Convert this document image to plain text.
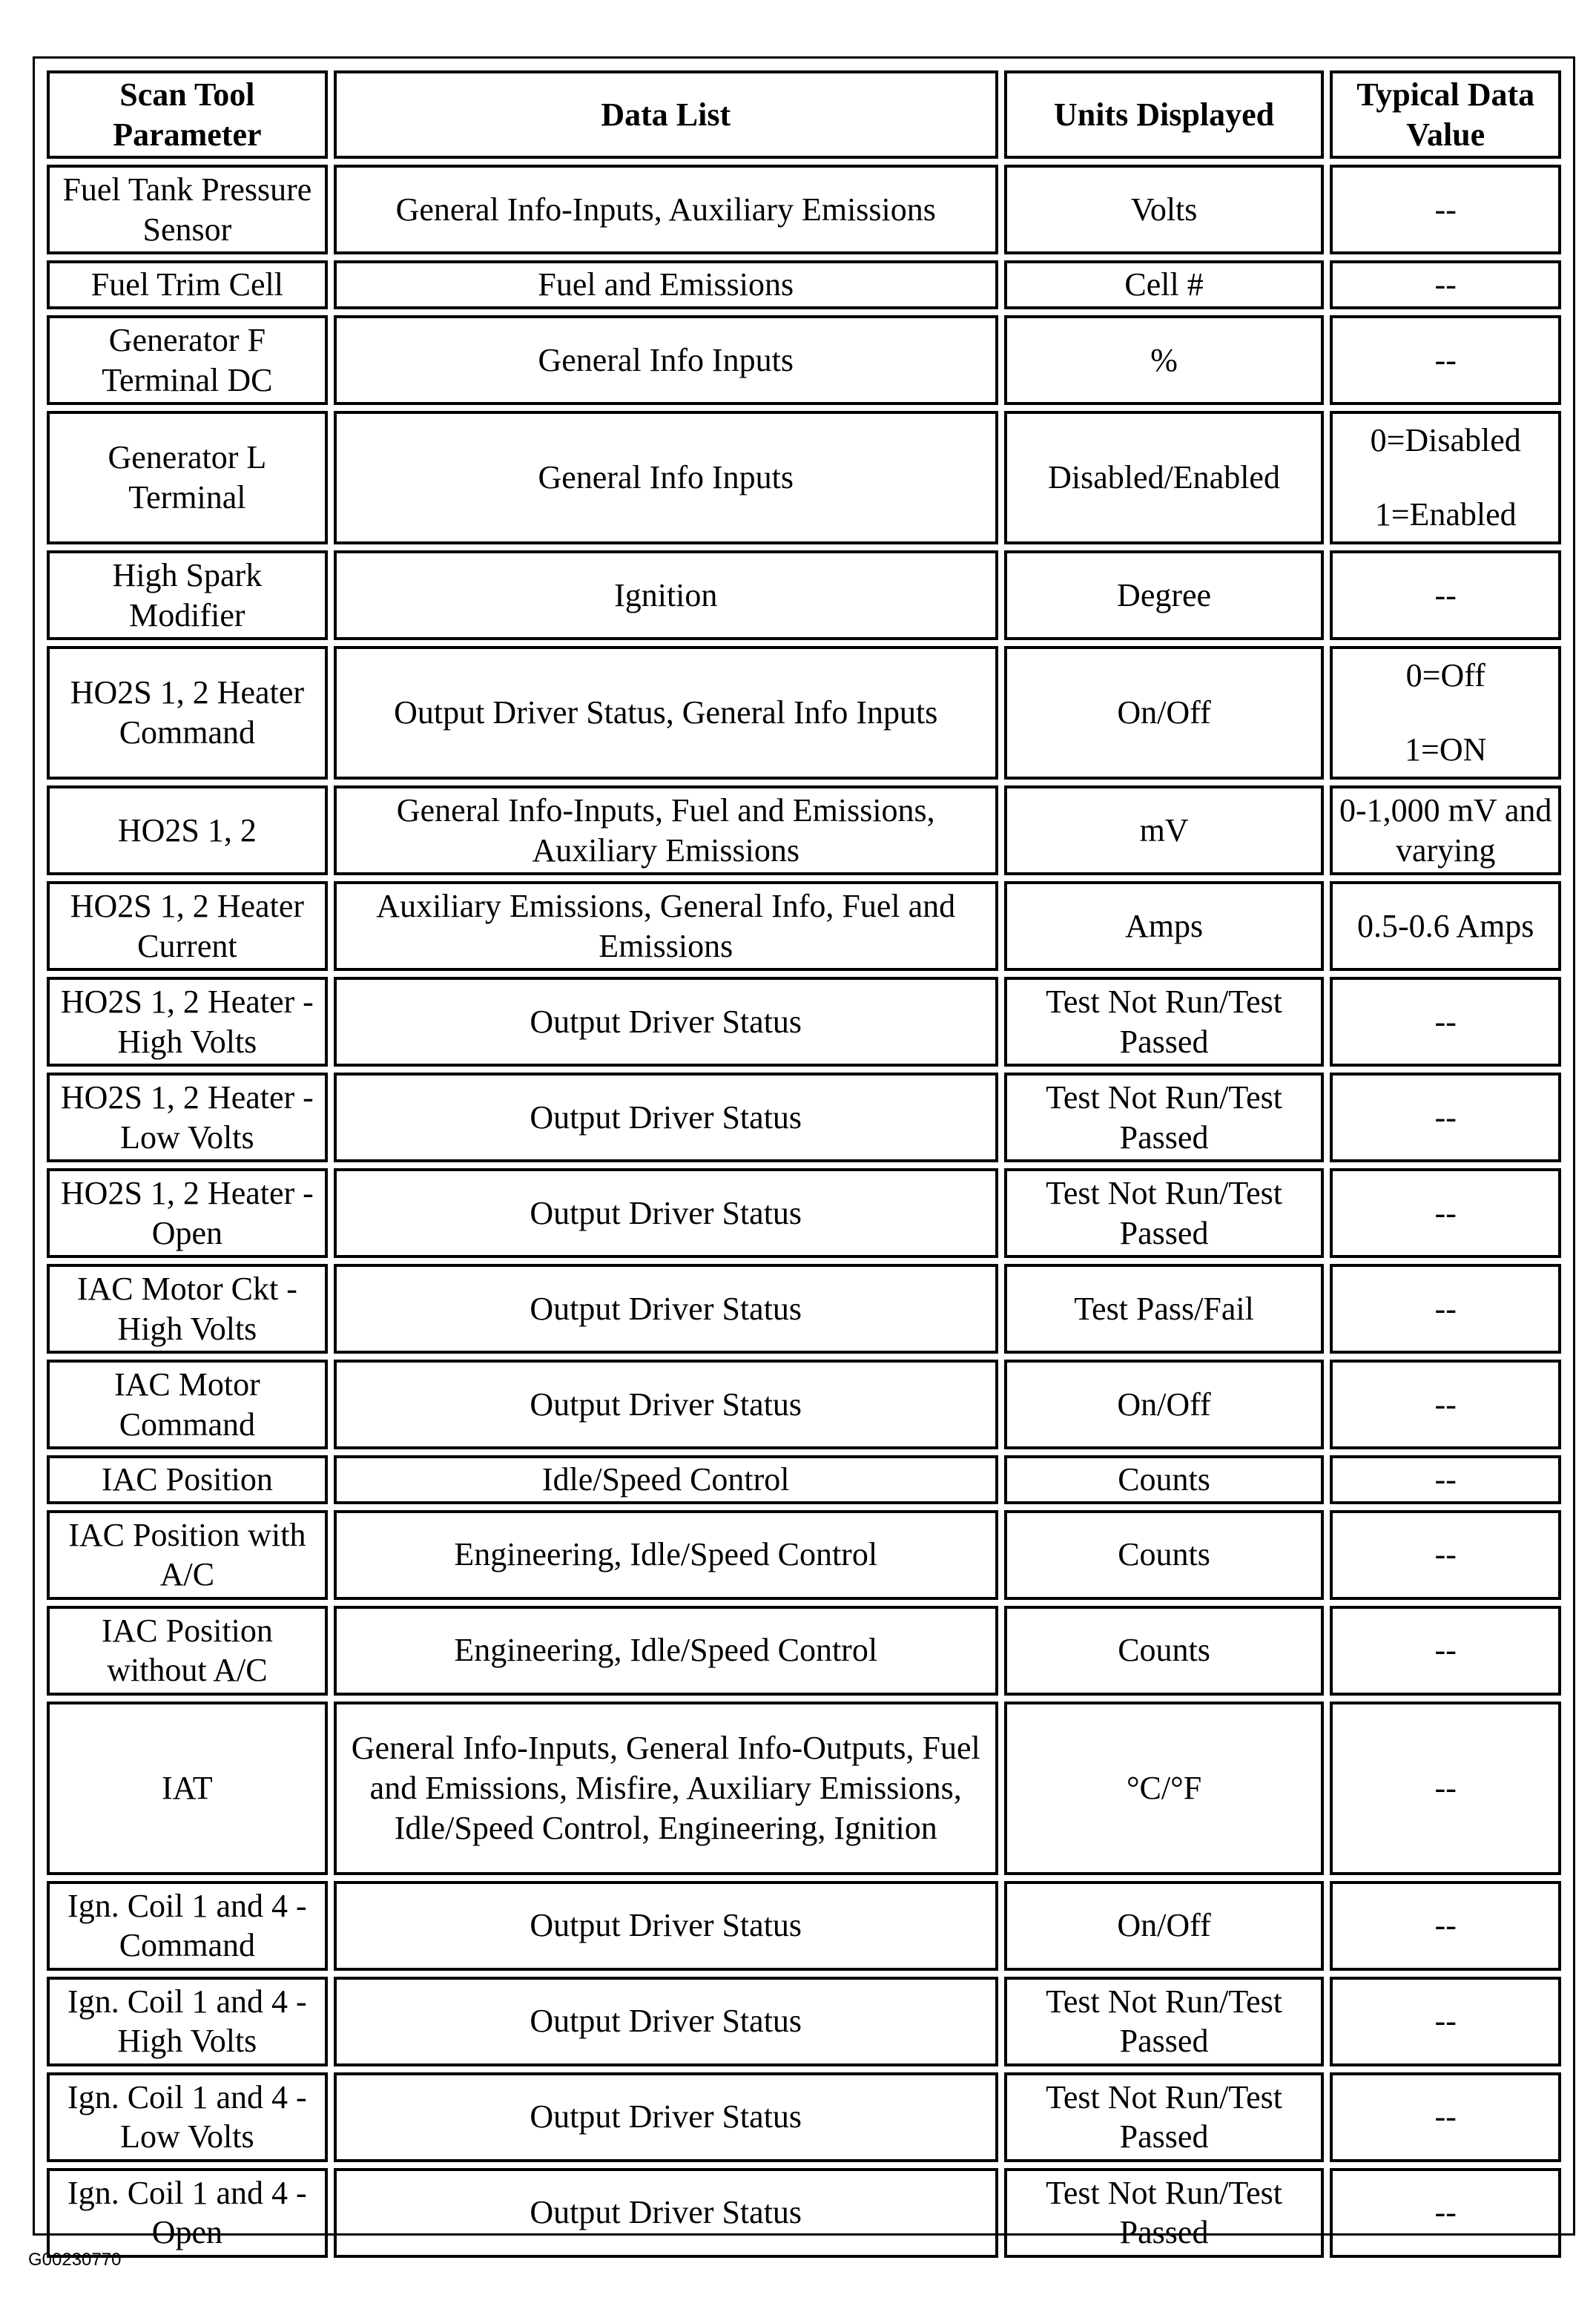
Scan Tool Parameter	Data List	Units Displayed	Typical Data Value
Fuel Tank Pressure Sensor	General Info-Inputs, Auxiliary Emissions	Volts	--

Fuel Trim Cell	Fuel and Emissions	Cell #	--

Generator F Terminal DC	General Info Inputs	%	--

Generator L Terminal	General Info Inputs	Disabled/Enabled	0=Disabled
1=Enabled

High Spark Modifier	Ignition	Degree	--

HO2S 1, 2 Heater Command	Output Driver Status, General Info Inputs	On/Off	0=Off
1=ON

HO2S 1, 2	General Info-Inputs, Fuel and Emissions, Auxiliary Emissions	mV	0-1,000 mV and varying

HO2S 1, 2 Heater Current	Auxiliary Emissions, General Info, Fuel and Emissions	Amps	0.5-0.6 Amps

HO2S 1, 2 Heater - High Volts	Output Driver Status	Test Not Run/Test Passed	--

HO2S 1, 2 Heater - Low Volts	Output Driver Status	Test Not Run/Test Passed	--

HO2S 1, 2 Heater - Open	Output Driver Status	Test Not Run/Test Passed	--

IAC Motor Ckt - High Volts	Output Driver Status	Test Pass/Fail	--

IAC Motor Command	Output Driver Status	On/Off	--

IAC Position	Idle/Speed Control	Counts	--

IAC Position with A/C	Engineering, Idle/Speed Control	Counts	--

IAC Position without A/C	Engineering, Idle/Speed Control	Counts	--

IAT	General Info-Inputs, General Info-Outputs, Fuel and Emissions, Misfire, Auxiliary Emissions, Idle/Speed Control, Engineering, Ignition	°C/°F	--

Ign. Coil 1 and 4 - Command	Output Driver Status	On/Off	--

Ign. Coil 1 and 4 - High Volts	Output Driver Status	Test Not Run/Test Passed	--

Ign. Coil 1 and 4 - Low Volts	Output Driver Status	Test Not Run/Test Passed	--

Ign. Coil 1 and 4 - Open	Output Driver Status	Test Not Run/Test Passed	--
G00230770
